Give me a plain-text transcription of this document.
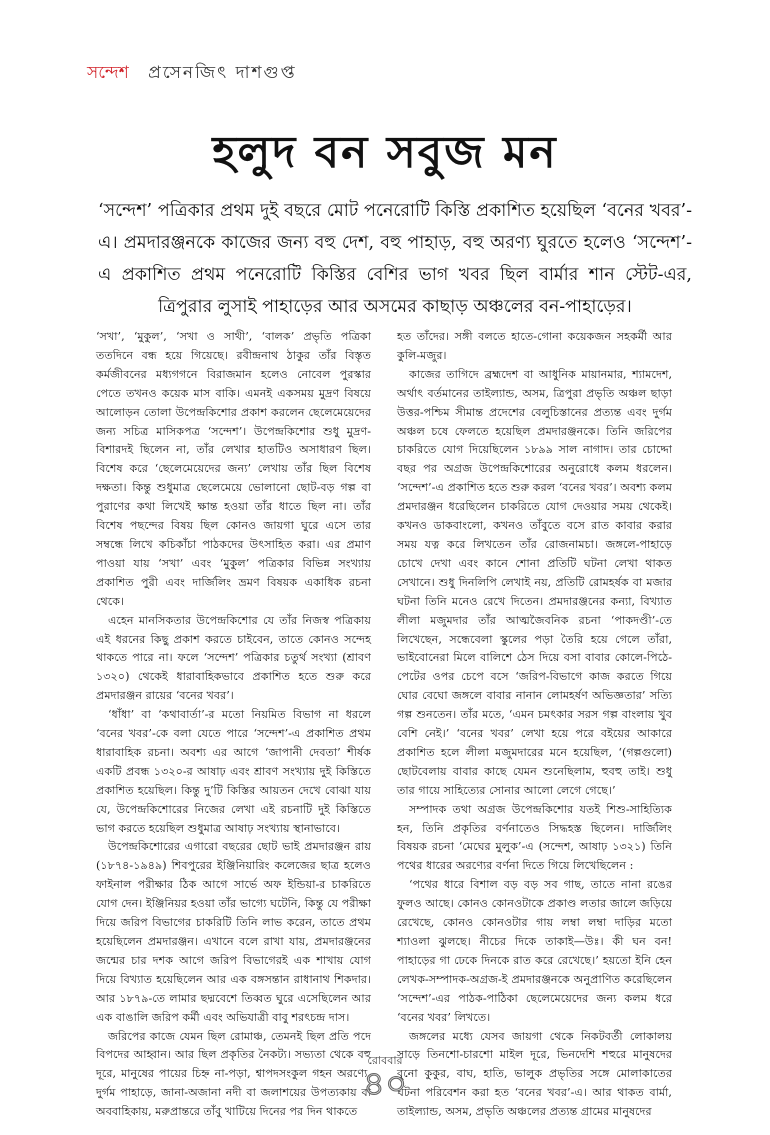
সন্দেশ প্রসেনজিৎ দাশগুপ্ত
হলুদ বন সবুজ মন

‘সন্দেশ’ পত্রিকার প্রথম দুই বছরে মোট পনেরোটি কিস্তি প্রকাশিত হয়েছিল ‘বনের খবর’-এ। প্রমদারঞ্জনকে কাজের জন্য বহু দেশ, বহু পাহাড়, বহু অরণ্য ঘুরতে হলেও ‘সন্দেশ’-এ প্রকাশিত প্রথম পনেরোটি কিস্তির বেশির ভাগ খবর ছিল বার্মার শান স্টেট-এর, ত্রিপুরার লুসাই পাহাড়ের আর অসমের কাছাড় অঞ্চলের বন-পাহাড়ের।

‘সখা’, ‘মুকুল’, ‘সখা ও সাথী’, ‘বালক’ প্রভৃতি পত্রিকা ততদিনে বন্ধ হয়ে গিয়েছে। রবীন্দ্রনাথ ঠাকুর তাঁর বিস্তৃত কর্মজীবনের মধ্যগগনে বিরাজমান হলেও নোবেল পুরস্কার পেতে তখনও কয়েক মাস বাকি। এমনই একসময় মুদ্রণ বিষয়ে আলোড়ন তোলা উপেন্দ্রকিশোর প্রকাশ করলেন ছেলেমেয়েদের জন্য সচিত্র মাসিকপত্র ‘সন্দেশ’। উপেন্দ্রকিশোর শুধু মুদ্রণ-বিশারদই ছিলেন না, তাঁর লেখার হাতটিও অসাধারণ ছিল। বিশেষ করে ‘ছেলেমেয়েদের জন্য’ লেখায় তাঁর ছিল বিশেষ দক্ষতা। কিন্তু শুধুমাত্র ছেলেমেয়ে ভোলানো ছোট-বড় গল্প বা পুরাণের কথা লিখেই ক্ষান্ত হওয়া তাঁর ধাতে ছিল না। তাঁর বিশেষ পছন্দের বিষয় ছিল কোনও জায়গা ঘুরে এসে তার সম্বন্ধে লিখে কচিকাঁচা পাঠকদের উৎসাহিত করা। এর প্রমাণ পাওয়া যায় ‘সখা’ এবং ‘মুকুল’ পত্রিকার বিভিন্ন সংখ্যায় প্রকাশিত পুরী এবং দার্জিলিং ভ্রমণ বিষয়ক একাধিক রচনা থেকে।

এহেন মানসিকতার উপেন্দ্রকিশোর যে তাঁর নিজস্ব পত্রিকায় এই ধরনের কিছু প্রকাশ করতে চাইবেন, তাতে কোনও সন্দেহ থাকতে পারে না। ফলে ‘সন্দেশ’ পত্রিকার চতুর্থ সংখ্যা (শ্রাবণ ১৩২০) থেকেই ধারাবাহিকভাবে প্রকাশিত হতে শুরু করে প্রমদারঞ্জন রায়ের ‘বনের খবর’।

‘ধাঁধা’ বা ‘কথাবার্তা’-র মতো নিয়মিত বিভাগ না ধরলে ‘বনের খবর’-কে বলা যেতে পারে ‘সন্দেশ’-এ প্রকাশিত প্রথম ধারাবাহিক রচনা। অবশ্য এর আগে ‘জাপানী দেবতা’ শীর্ষক একটি প্রবন্ধ ১৩২০-র আষাঢ় এবং শ্রাবণ সংখ্যায় দুই কিস্তিতে প্রকাশিত হয়েছিল। কিন্তু দু’টি কিস্তির আয়তন দেখে বোঝা যায় যে, উপেন্দ্রকিশোরের নিজের লেখা এই রচনাটি দুই কিস্তিতে ভাগ করতে হয়েছিল শুধুমাত্র আষাঢ় সংখ্যায় স্থানাভাবে।

উপেন্দ্রকিশোরের এগারো বছরের ছোট ভাই প্রমদারঞ্জন রায় (১৮৭৪-১৯৪৯) শিবপুরের ইঞ্জিনিয়ারিং কলেজের ছাত্র হলেও ফাইনাল পরীক্ষার ঠিক আগে সার্ভে অফ ইন্ডিয়া-র চাকরিতে যোগ দেন। ইঞ্জিনিয়র হওয়া তাঁর ভাগ্যে ঘটেনি, কিন্তু যে পরীক্ষা দিয়ে জরিপ বিভাগের চাকরিটি তিনি লাভ করেন, তাতে প্রথম হয়েছিলেন প্রমদারঞ্জন। এখানে বলে রাখা যায়, প্রমদারঞ্জনের জন্মের চার দশক আগে জরিপ বিভাগেরই এক শাখায় যোগ দিয়ে বিখ্যাত হয়েছিলেন আর এক বঙ্গসন্তান রাধানাথ শিকদার। আর ১৮৭৯-তে লামার ছদ্মবেশে তিব্বত ঘুরে এসেছিলেন আর এক বাঙালি জরিপ কর্মী এবং অভিযাত্রী বাবু শরৎচন্দ্র দাস।

জরিপের কাজে যেমন ছিল রোমাঞ্চ, তেমনই ছিল প্রতি পদে বিপদের আহ্বান। আর ছিল প্রকৃতির নৈকট্য। সভ্যতা থেকে বহু দূরে, মানুষের পায়ের চিহ্ন না-পড়া, শ্বাপদসংকুল গহন অরণ্যে, দুর্গম পাহাড়ে, জানা-অজানা নদী বা জলাশয়ের উপত্যকায় বা অববাহিকায়, মরুপ্রান্তরে তাঁবু খাটিয়ে দিনের পর দিন থাকতে

হত তাঁদের। সঙ্গী বলতে হাতে-গোনা কয়েকজন সহকর্মী আর কুলি-মজুর।

কাজের তাগিদে ব্রহ্মদেশ বা আধুনিক মায়ানমার, শ্যামদেশ, অর্থাৎ বর্তমানের তাইল্যান্ড, অসম, ত্রিপুরা প্রভৃতি অঞ্চল ছাড়া উত্তর-পশ্চিম সীমান্ত প্রদেশের বেলুচিস্তানের প্রত্যন্ত এবং দুর্গম অঞ্চল চষে ফেলতে হয়েছিল প্রমদারঞ্জনকে। তিনি জরিপের চাকরিতে যোগ দিয়েছিলেন ১৮৯৯ সাল নাগাদ। তার চোদ্দো বছর পর অগ্রজ উপেন্দ্রকিশোরের অনুরোধে কলম ধরলেন। ‘সন্দেশ’-এ প্রকাশিত হতে শুরু করল ‘বনের খবর’। অবশ্য কলম প্রমদারঞ্জন ধরেছিলেন চাকরিতে যোগ দেওয়ার সময় থেকেই। কখনও ডাকবাংলো, কখনও তাঁবুতে বসে রাত কাবার করার সময় যত্ন করে লিখতেন তাঁর রোজনামচা। জঙ্গলে-পাহাড়ে চোখে দেখা এবং কানে শোনা প্রতিটি ঘটনা লেখা থাকত সেখানে। শুধু দিনলিপি লেখাই নয়, প্রতিটি রোমহর্ষক বা মজার ঘটনা তিনি মনেও রেখে দিতেন। প্রমদারঞ্জনের কন্যা, বিখ্যাত লীলা মজুমদার তাঁর আত্মজৈবনিক রচনা ‘পাকদণ্ডী’-তে লিখেছেন, সন্ধেবেলা স্কুলের পড়া তৈরি হয়ে গেলে তাঁরা, ভাইবোনেরা মিলে বালিশে ঠেস দিয়ে বসা বাবার কোলে-পিঠে-পেটের ওপর চেপে বসে ‘জরিপ-বিভাগে কাজ করতে গিয়ে ঘোর বেঘো জঙ্গলে বাবার নানান লোমহর্ষণ অভিজ্ঞতার’ সত্যি গল্প শুনতেন। তাঁর মতে, ‘এমন চমৎকার সরস গল্প বাংলায় খুব বেশি নেই।’ ‘বনের খবর’ লেখা হয়ে পরে বইয়ের আকারে প্রকাশিত হলে লীলা মজুমদারের মনে হয়েছিল, ‘(গল্পগুলো) ছোটবেলায় বাবার কাছে যেমন শুনেছিলাম, হুবহু তাই। শুধু তার গায়ে সাহিত্যের সোনার আলো লেগে গেছে।’

সম্পাদক তথা অগ্রজ উপেন্দ্রকিশোর যতই শিশু-সাহিত্যিক হন, তিনি প্রকৃতির বর্ণনাতেও সিদ্ধহস্ত ছিলেন। দার্জিলিং বিষয়ক রচনা ‘মেঘের মুলুক’-এ (সন্দেশ, আষাঢ় ১৩২১) তিনি পথের ধারের অরণ্যের বর্ণনা দিতে গিয়ে লিখেছিলেন :

‘পথের ধারে বিশাল বড় বড় সব গাছ, তাতে নানা রঙের ফুলও আছে। কোনও কোনওটাকে প্রকাণ্ড লতার জালে জড়িয়ে রেখেছে, কোনও কোনওটার গায় লম্বা লম্বা দাড়ির মতো শ্যাওলা ঝুলছে। নীচের দিকে তাকাই—উঃ। কী ঘন বন! পাহাড়ের গা ঢেকে দিনকে রাত করে রেখেছে।’ হয়তো ইনি হেন লেখক-সম্পাদক-অগ্রজ-ই প্রমদারঞ্জনকে অনুপ্রাণিত করেছিলেন ‘সন্দেশ’-এর পাঠক-পাঠিকা ছেলেমেয়েদের জন্য কলম ধরে ‘বনের খবর’ লিখতে।

জঙ্গলের মধ্যে যেসব জায়গা থেকে নিকটবর্তী লোকালয় সাড়ে তিনশো-চারশো মাইল দূরে, ভিনদেশি শহুরে মানুষদের বুনো কুকুর, বাঘ, হাতি, ভালুক প্রভৃতির সঙ্গে মোলাকাতের ঘটনা পরিবেশন করা হত ‘বনের খবর’-এ। আর থাকত বার্মা, তাইল্যান্ড, অসম, প্রভৃতি অঞ্চলের প্রত্যন্ত গ্রামের মানুষদের

রোববার
৪০
